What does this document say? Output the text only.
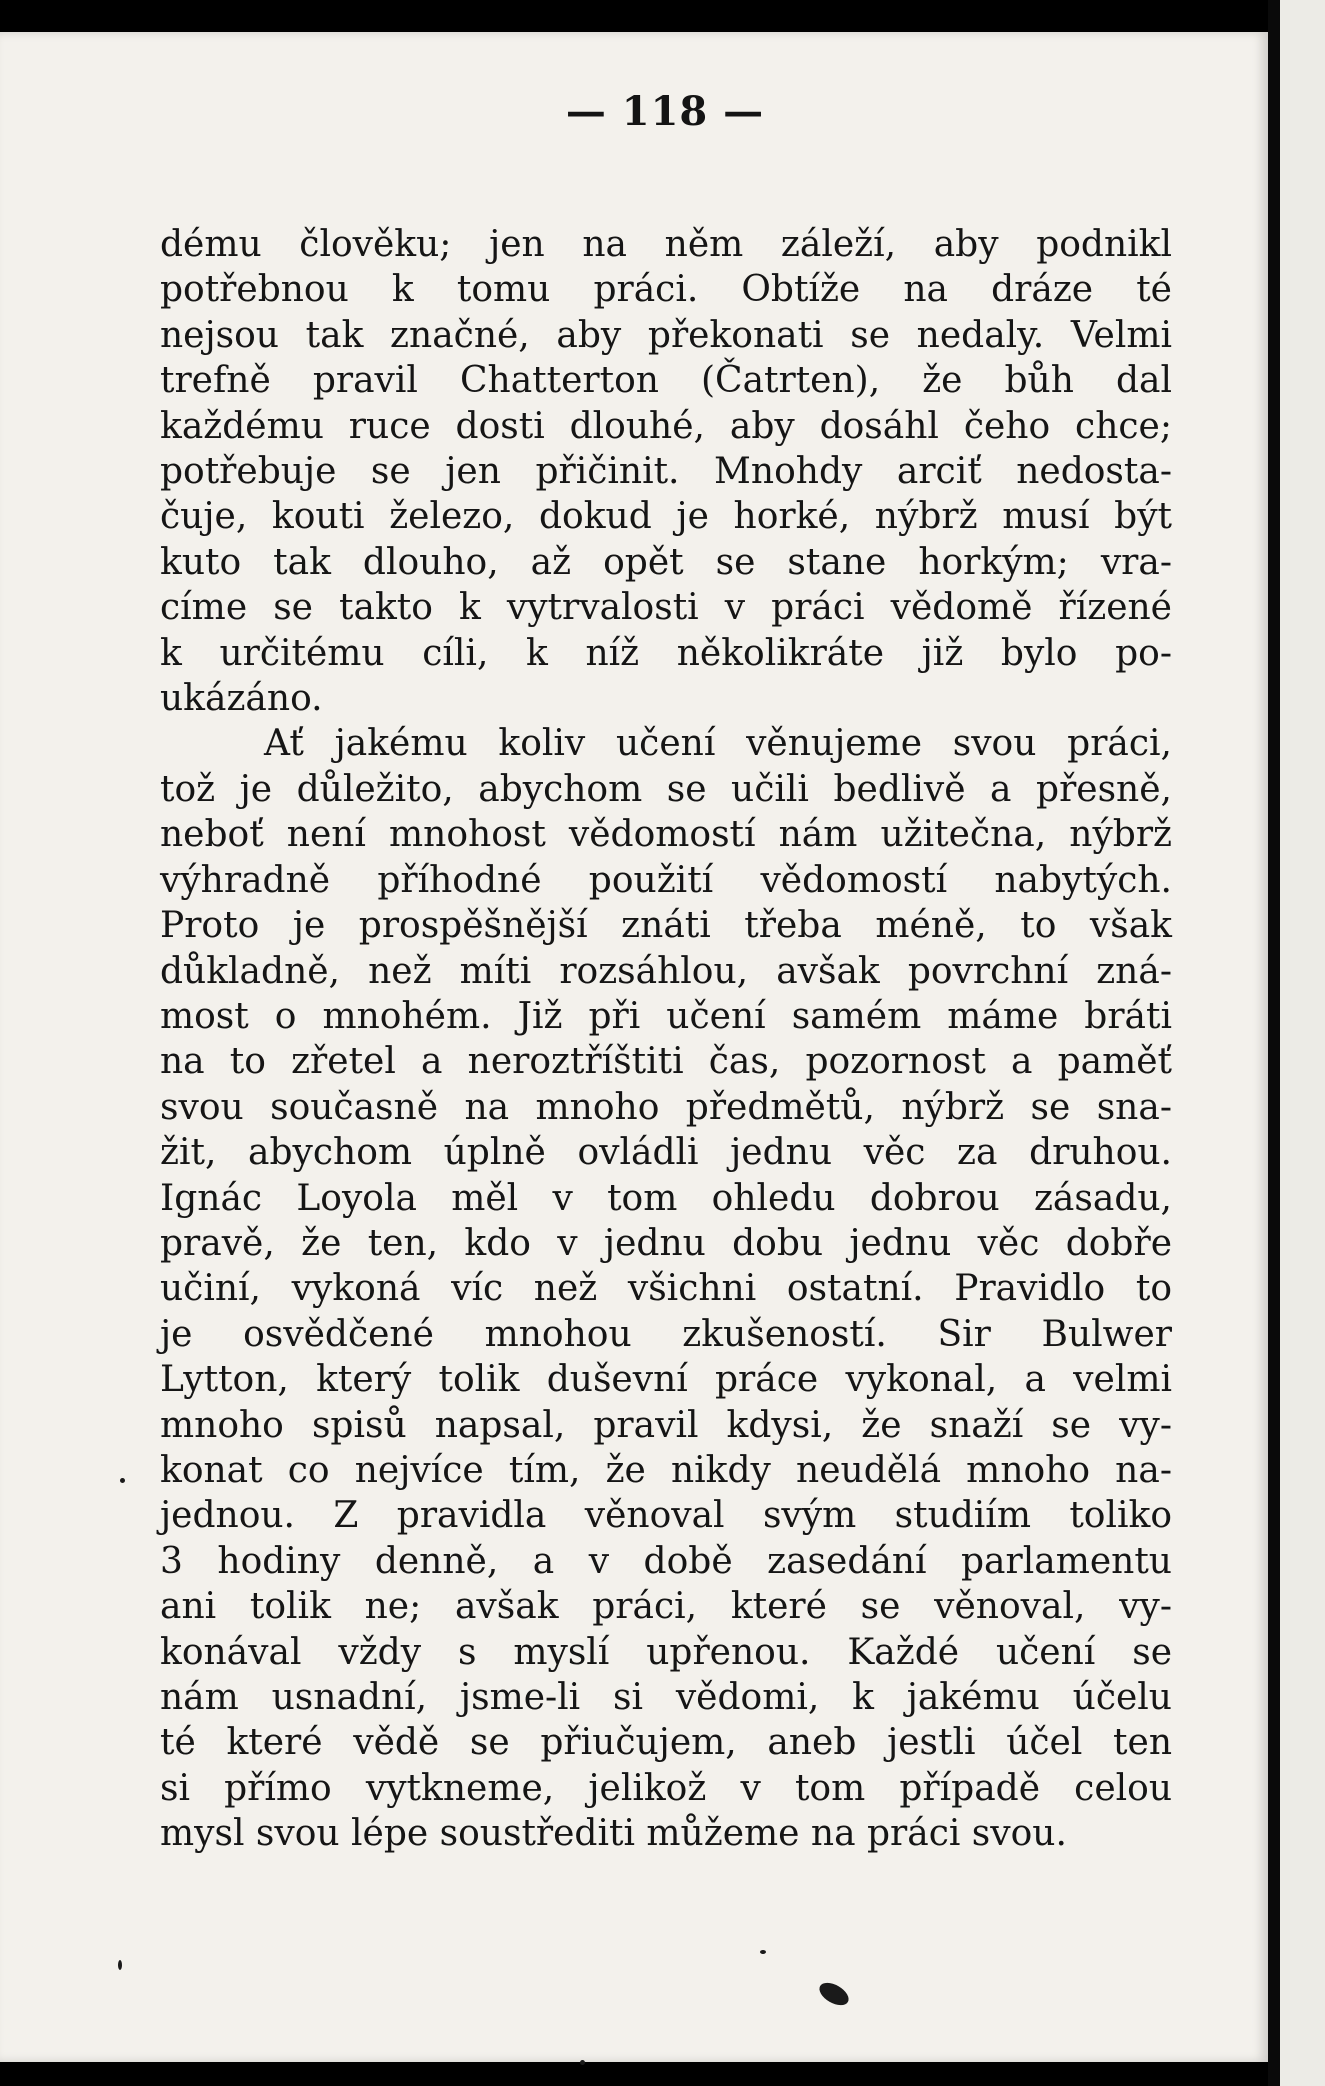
— 118 —
dému člověku; jen na něm záleží, aby podnikl
potřebnou k tomu práci. Obtíže na dráze té
nejsou tak značné, aby překonati se nedaly. Velmi
trefně pravil Chatterton (Čatrten), že bůh dal
každému ruce dosti dlouhé, aby dosáhl čeho chce;
potřebuje se jen přičinit. Mnohdy arciť nedosta-
čuje, kouti železo, dokud je horké, nýbrž musí být
kuto tak dlouho, až opět se stane horkým; vra-
címe se takto k vytrvalosti v práci vědomě řízené
k určitému cíli, k níž několikráte již bylo po-
ukázáno.
Ať jakému koliv učení věnujeme svou práci,
tož je důležito, abychom se učili bedlivě a přesně,
neboť není mnohost vědomostí nám užitečna, nýbrž
výhradně příhodné použití vědomostí nabytých.
Proto je prospěšnější znáti třeba méně, to však
důkladně, než míti rozsáhlou, avšak povrchní zná-
most o mnohém. Již při učení samém máme bráti
na to zřetel a neroztříštiti čas, pozornost a paměť
svou současně na mnoho předmětů, nýbrž se sna-
žit, abychom úplně ovládli jednu věc za druhou.
Ignác Loyola měl v tom ohledu dobrou zásadu,
pravě, že ten, kdo v jednu dobu jednu věc dobře
učiní, vykoná víc než všichni ostatní. Pravidlo to
je osvědčené mnohou zkušeností. Sir Bulwer
Lytton, který tolik duševní práce vykonal, a velmi
mnoho spisů napsal, pravil kdysi, že snaží se vy-
konat co nejvíce tím, že nikdy neudělá mnoho na-
jednou. Z pravidla věnoval svým studiím toliko
3 hodiny denně, a v době zasedání parlamentu
ani tolik ne; avšak práci, které se věnoval, vy-
konával vždy s myslí upřenou. Každé učení se
nám usnadní, jsme-li si vědomi, k jakému účelu
té které vědě se přiučujem, aneb jestli účel ten
si přímo vytkneme, jelikož v tom případě celou
mysl svou lépe soustřediti můžeme na práci svou.
